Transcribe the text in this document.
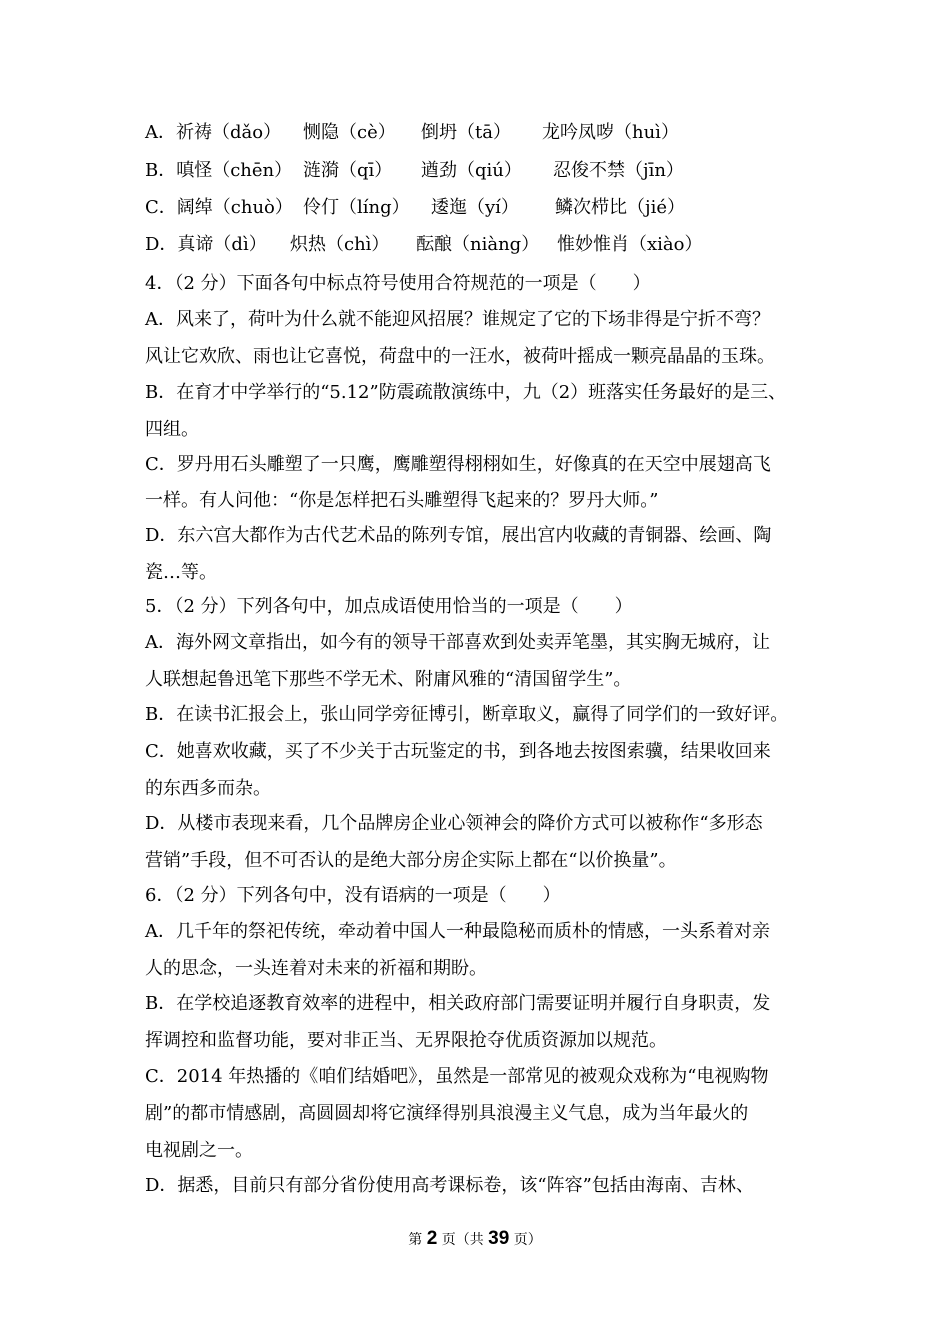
A．祈祷（dǎo） 恻隐（cè） 倒坍（tā） 龙吟凤哕（huì）
B．嗔怪（chēn） 涟漪（qī） 遒劲（qiú） 忍俊不禁（jīn）
C．阔绰（chuò） 伶仃（líng） 逶迤（yí） 鳞次栉比（jié）
D．真谛（dì） 炽热（chì） 酝酿（niàng） 惟妙惟肖（xiào）
4．（2 分）下面各句中标点符号使用合符规范的一项是（　　）
A．风来了，荷叶为什么就不能迎风招展？谁规定了它的下场非得是宁折不弯？
风让它欢欣、雨也让它喜悦，荷盘中的一汪水，被荷叶摇成一颗亮晶晶的玉珠。
B．在育才中学举行的“5.12”防震疏散演练中，九（2）班落实任务最好的是三、
四组。
C．罗丹用石头雕塑了一只鹰，鹰雕塑得栩栩如生，好像真的在天空中展翅高飞
一样。有人问他：“你是怎样把石头雕塑得飞起来的？罗丹大师。”
D．东六宫大都作为古代艺术品的陈列专馆，展出宫内收藏的青铜器、绘画、陶
瓷…等。
5．（2 分）下列各句中，加点成语使用恰当的一项是（　　）
A．海外网文章指出，如今有的领导干部喜欢到处卖弄笔墨，其实胸无城府，让
人联想起鲁迅笔下那些不学无术、附庸风雅的“清国留学生”。
B．在读书汇报会上，张山同学旁征博引，断章取义，赢得了同学们的一致好评。
C．她喜欢收藏，买了不少关于古玩鉴定的书，到各地去按图索骥，结果收回来
的东西多而杂。
D．从楼市表现来看，几个品牌房企业心领神会的降价方式可以被称作“多形态
营销”手段，但不可否认的是绝大部分房企实际上都在“以价换量”。
6．（2 分）下列各句中，没有语病的一项是（　　）
A．几千年的祭祀传统，牵动着中国人一种最隐秘而质朴的情感，一头系着对亲
人的思念，一头连着对未来的祈福和期盼。
B．在学校追逐教育效率的进程中，相关政府部门需要证明并履行自身职责，发
挥调控和监督功能，要对非正当、无界限抢夺优质资源加以规范。
C．2014 年热播的《咱们结婚吧》，虽然是一部常见的被观众戏称为“电视购物
剧”的都市情感剧，高圆圆却将它演绎得别具浪漫主义气息，成为当年最火的
电视剧之一。
D．据悉，目前只有部分省份使用高考课标卷，该“阵容”包括由海南、吉林、
第 2 页（共 39 页）
